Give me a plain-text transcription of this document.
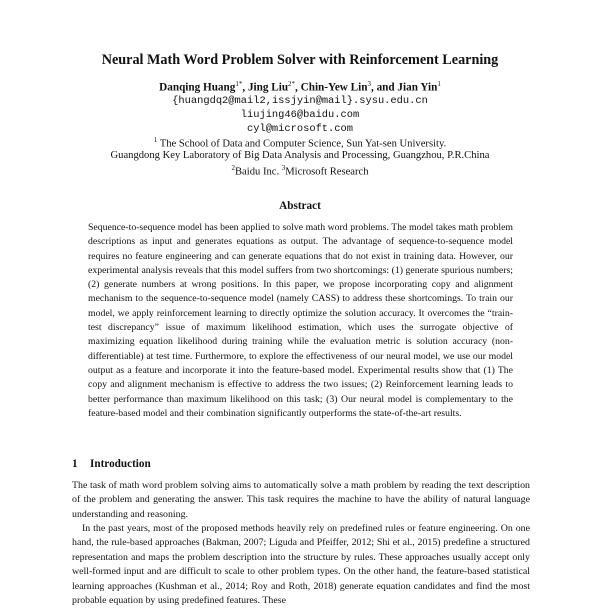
Neural Math Word Problem Solver with Reinforcement Learning
Danqing Huang$^{1*}$, Jing Liu$^{2*}$, Chin-Yew Lin$^3$, and Jian Yin$^1$
{huangdq2@mail2,issjyin@mail}.sysu.edu.cn
liujing46@baidu.com
cyl@microsoft.com
$^1$ The School of Data and Computer Science, Sun Yat-sen University.
Guangdong Key Laboratory of Big Data Analysis and Processing, Guangzhou, P.R.China
$^2$Baidu Inc. $^3$Microsoft Research
Abstract
Sequence-to-sequence model has been applied to solve math word problems. The model takes math problem descriptions as input and generates equations as output. The advantage of sequence-to-sequence model requires no feature engineering and can generate equations that do not exist in training data. However, our experimental analysis reveals that this model suffers from two shortcomings: (1) generate spurious numbers; (2) generate numbers at wrong positions. In this paper, we propose incorporating copy and alignment mechanism to the sequence-to-sequence model (namely CASS) to address these shortcomings. To train our model, we apply reinforcement learning to directly optimize the solution accuracy. It overcomes the “train-test discrepancy” issue of maximum likelihood estimation, which uses the surrogate objective of maximizing equation likelihood during training while the evaluation metric is solution accuracy (non-differentiable) at test time. Furthermore, to explore the effectiveness of our neural model, we use our model output as a feature and incorporate it into the feature-based model. Experimental results show that (1) The copy and alignment mechanism is effective to address the two issues; (2) Reinforcement learning leads to better performance than maximum likelihood on this task; (3) Our neural model is complementary to the feature-based model and their combination significantly outperforms the state-of-the-art results.
1 Introduction

The task of math word problem solving aims to automatically solve a math problem by reading the text description of the problem and generating the answer. This task requires the machine to have the ability of natural language understanding and reasoning.

In the past years, most of the proposed methods heavily rely on predefined rules or feature engineering. On one hand, the rule-based approaches (Bakman, 2007; Liguda and Pfeiffer, 2012; Shi et al., 2015) predefine a structured representation and maps the problem description into the structure by rules. These approaches usually accept only well-formed input and are difficult to scale to other problem types. On the other hand, the feature-based statistical learning approaches (Kushman et al., 2014; Roy and Roth, 2018) generate equation candidates and find the most probable equation by using predefined features. These
